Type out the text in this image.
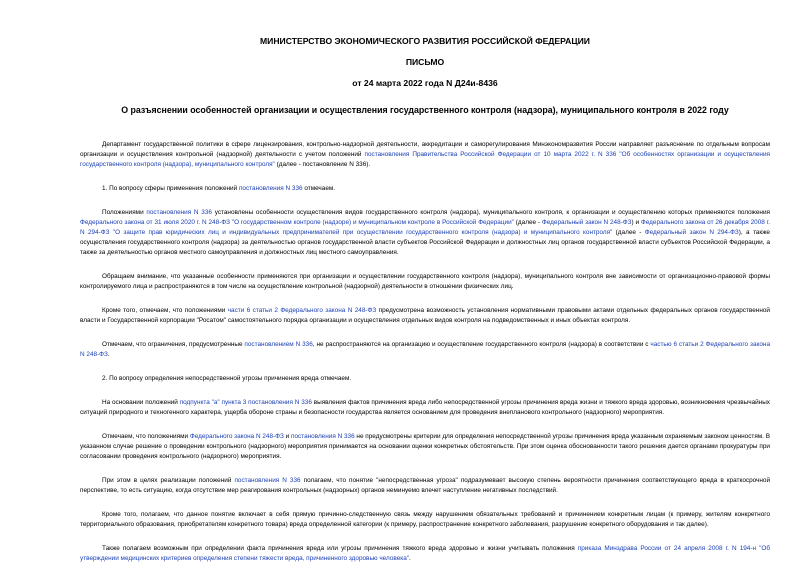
МИНИСТЕРСТВО ЭКОНОМИЧЕСКОГО РАЗВИТИЯ РОССИЙСКОЙ ФЕДЕРАЦИИ

ПИСЬМО

от 24 марта 2022 года N Д24и-8436

О разъяснении особенностей организации и осуществления государственного контроля (надзора), муниципального контроля в 2022 году

Департамент государственной политики в сфере лицензирования, контрольно-надзорной деятельности, аккредитации и саморегулирования Минэкономразвития России направляет разъяснение по отдельным вопросам организации и осуществления контрольной (надзорной) деятельности с учетом положений постановления Правительства Российской Федерации от 10 марта 2022 г. N 336 "Об особенностях организации и осуществления государственного контроля (надзора), муниципального контроля" (далее - постановление N 336).

1. По вопросу сферы применения положений постановления N 336 отмечаем.

Положениями постановления N 336 установлены особенности осуществления видов государственного контроля (надзора), муниципального контроля, к организации и осуществлению которых применяются положения Федерального закона от 31 июля 2020 г. N 248-ФЗ "О государственном контроле (надзоре) и муниципальном контроле в Российской Федерации" (далее - Федеральный закон N 248-ФЗ) и Федерального закона от 26 декабря 2008 г. N 294-ФЗ "О защите прав юридических лиц и индивидуальных предпринимателей при осуществлении государственного контроля (надзора) и муниципального контроля" (далее - Федеральный закон N 294-ФЗ), а также осуществления государственного контроля (надзора) за деятельностью органов государственной власти субъектов Российской Федерации и должностных лиц органов государственной власти субъектов Российской Федерации, а также за деятельностью органов местного самоуправления и должностных лиц местного самоуправления.

Обращаем внимание, что указанные особенности применяются при организации и осуществлении государственного контроля (надзора), муниципального контроля вне зависимости от организационно-правовой формы контролируемого лица и распространяются в том числе на осуществление контрольной (надзорной) деятельности в отношении физических лиц.

Кроме того, отмечаем, что положениями части 6 статьи 2 Федерального закона N 248-ФЗ предусмотрена возможность установления нормативными правовыми актами отдельных федеральных органов государственной власти и Государственной корпорации "Росатом" самостоятельного порядка организации и осуществления отдельных видов контроля на подведомственных и иных объектах контроля.

Отмечаем, что ограничения, предусмотренные постановлением N 336, не распространяются на организацию и осуществление государственного контроля (надзора) в соответствии с частью 6 статьи 2 Федерального закона N 248-ФЗ.

2. По вопросу определения непосредственной угрозы причинения вреда отмечаем.

На основании положений подпункта "а" пункта 3 постановления N 336 выявления фактов причинения вреда либо непосредственной угрозы причинения вреда жизни и тяжкого вреда здоровью, возникновения чрезвычайных ситуаций природного и техногенного характера, ущерба обороне страны и безопасности государства является основанием для проведения внепланового контрольного (надзорного) мероприятия.

Отмечаем, что положениями Федерального закона N 248-ФЗ и постановления N 336 не предусмотрены критерии для определения непосредственной угрозы причинения вреда указанным охраняемым законом ценностям. В указанном случае решение о проведении контрольного (надзорного) мероприятия принимается на основании оценки конкретных обстоятельств. При этом оценка обоснованности такого решения дается органами прокуратуры при согласовании проведения контрольного (надзорного) мероприятия.

При этом в целях реализации положений постановления N 336 полагаем, что понятие "непосредственная угроза" подразумевает высокую степень вероятности причинения соответствующего вреда в краткосрочной перспективе, то есть ситуацию, когда отсутствие мер реагирования контрольных (надзорных) органов неминуемо влечет наступление негативных последствий.

Кроме того, полагаем, что данное понятие включает в себя прямую причинно-следственную связь между нарушением обязательных требований и причинением конкретным лицам (к примеру, жителям конкретного территориального образования, приобретателям конкретного товара) вреда определенной категории (к примеру, распространение конкретного заболевания, разрушение конкретного оборудования и так далее).

Также полагаем возможным при определении факта причинения вреда или угрозы причинения тяжкого вреда здоровью и жизни учитывать положения приказа Минздрава России от 24 апреля 2008 г. N 194-н "Об утверждении медицинских критериев определения степени тяжести вреда, причиненного здоровью человека".
